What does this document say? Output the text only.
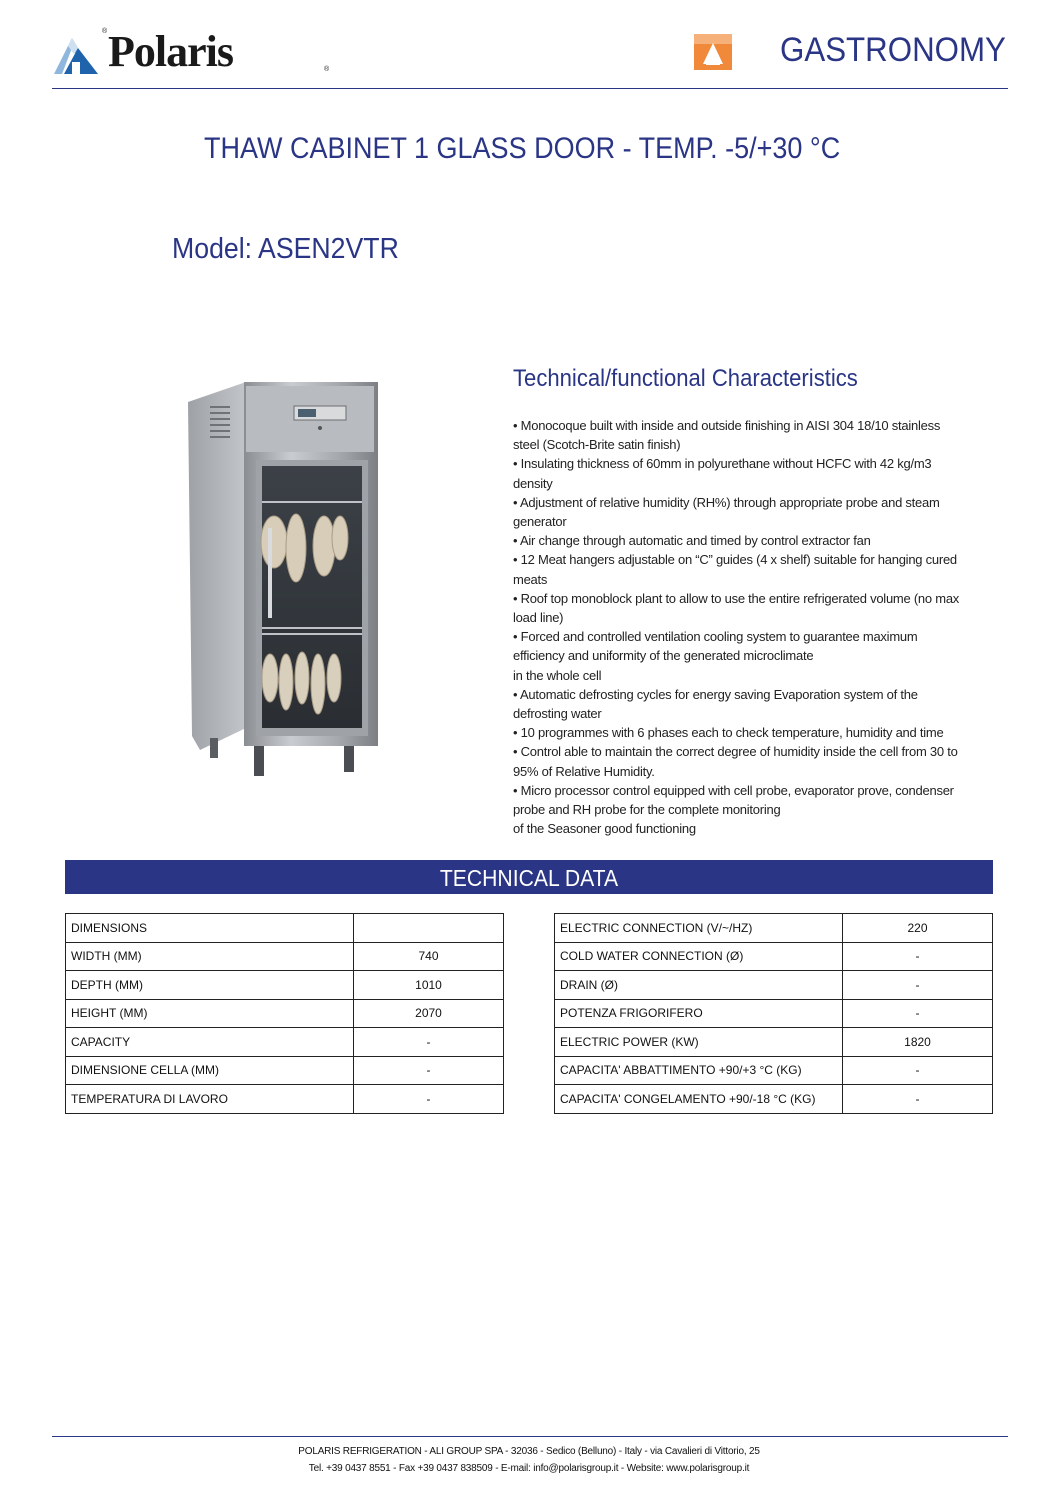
® Polaris	®
GASTRONOMY
THAW CABINET 1 GLASS DOOR - TEMP. -5/+30 °C
Model: ASEN2VTR
Technical/functional Characteristics
• Monocoque built with inside and outside finishing in AISI 304 18/10 stainless
steel (Scotch-Brite satin finish)
• Insulating thickness of 60mm in polyurethane without HCFC with 42 kg/m3
density
• Adjustment of relative humidity (RH%) through appropriate probe and steam
generator
• Air change through automatic and timed by control extractor fan
• 12 Meat hangers adjustable on “C” guides (4 x shelf) suitable for hanging cured
meats
• Roof top monoblock plant to allow to use the entire refrigerated volume (no max
load line)
• Forced and controlled ventilation cooling system to guarantee maximum
efficiency and uniformity of the generated microclimate
in the whole cell
• Automatic defrosting cycles for energy saving Evaporation system of the
defrosting water
• 10 programmes with 6 phases each to check temperature, humidity and time
• Control able to maintain the correct degree of humidity inside the cell from 30 to
95% of Relative Humidity.
• Micro processor control equipped with cell probe, evaporator prove, condenser
probe and RH probe for the complete monitoring
of the Seasoner good functioning
TECHNICAL DATA
DIMENSIONS	
WIDTH (MM)	740
DEPTH (MM)	1010
HEIGHT (MM)	2070
CAPACITY	-
DIMENSIONE CELLA (MM)	-
TEMPERATURA DI LAVORO	-
ELECTRIC CONNECTION (V/~/HZ)	220
COLD WATER CONNECTION (Ø)	-
DRAIN (Ø)	-
POTENZA FRIGORIFERO	-
ELECTRIC POWER (KW)	1820
CAPACITA' ABBATTIMENTO +90/+3 °C (KG)	-
CAPACITA' CONGELAMENTO +90/-18 °C (KG)	-
POLARIS REFRIGERATION - ALI GROUP SPA - 32036 - Sedico (Belluno) - Italy - via Cavalieri di Vittorio, 25
Tel. +39 0437 8551 - Fax +39 0437 838509 - E-mail: info@polarisgroup.it - Website: www.polarisgroup.it
